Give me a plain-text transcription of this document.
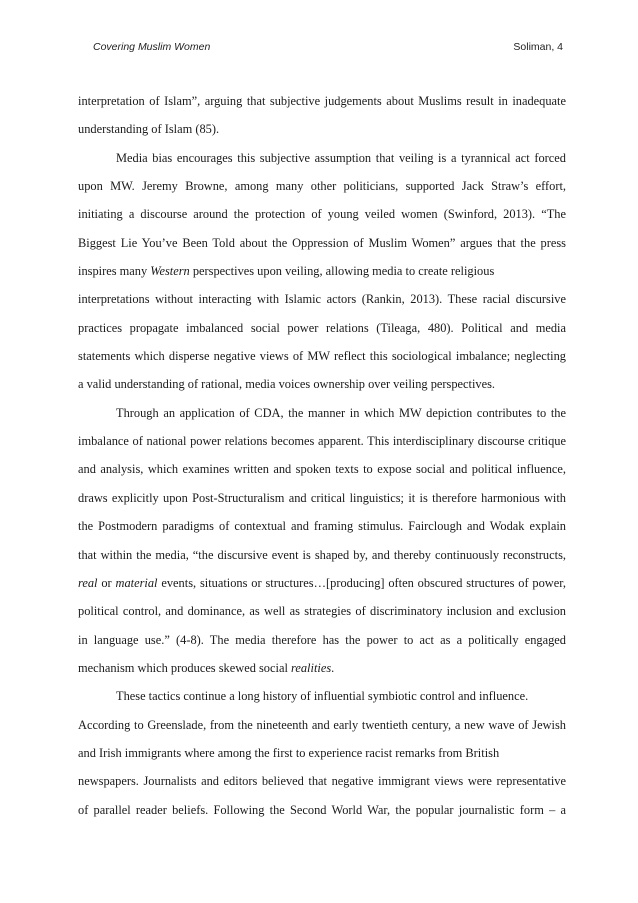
Covering Muslim Women	Soliman, 4
interpretation of Islam”, arguing that subjective judgements about Muslims result in inadequate
understanding of Islam (85).
Media bias encourages this subjective assumption that veiling is a tyrannical act forced
upon MW. Jeremy Browne, among many other politicians, supported Jack Straw’s effort,
initiating a discourse around the protection of young veiled women (Swinford, 2013). “The
Biggest Lie You’ve Been Told about the Oppression of Muslim Women” argues that the press
inspires many Western perspectives upon veiling, allowing media to create religious
interpretations without interacting with Islamic actors (Rankin, 2013). These racial discursive
practices propagate imbalanced social power relations (Tileaga, 480). Political and media
statements which disperse negative views of MW reflect this sociological imbalance; neglecting
a valid understanding of rational, media voices ownership over veiling perspectives.
Through an application of CDA, the manner in which MW depiction contributes to the
imbalance of national power relations becomes apparent. This interdisciplinary discourse critique
and analysis, which examines written and spoken texts to expose social and political influence,
draws explicitly upon Post-Structuralism and critical linguistics; it is therefore harmonious with
the Postmodern paradigms of contextual and framing stimulus. Fairclough and Wodak explain
that within the media, “the discursive event is shaped by, and thereby continuously reconstructs,
real or material events, situations or structures…[producing] often obscured structures of power,
political control, and dominance, as well as strategies of discriminatory inclusion and exclusion
in language use.” (4-8). The media therefore has the power to act as a politically engaged
mechanism which produces skewed social realities.
These tactics continue a long history of influential symbiotic control and influence.
According to Greenslade, from the nineteenth and early twentieth century, a new wave of Jewish
and Irish immigrants where among the first to experience racist remarks from British
newspapers. Journalists and editors believed that negative immigrant views were representative
of parallel reader beliefs. Following the Second World War, the popular journalistic form – a
